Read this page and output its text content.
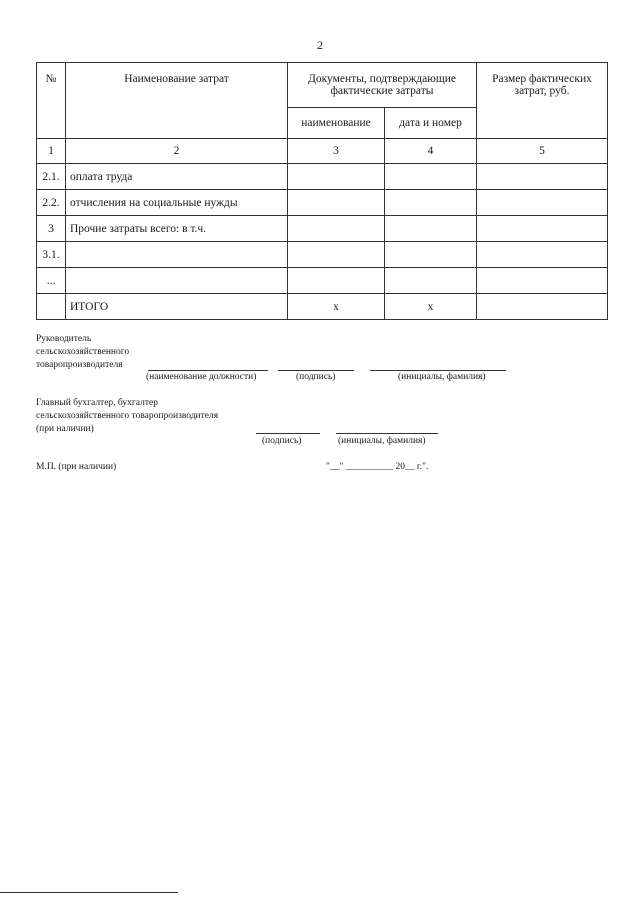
2
№	Наименование затрат	Документы, подтверждающие фактические затраты		Размер фактических затрат, руб.
		наименование	дата и номер	
1	2	3	4	5
2.1.	оплата труда			
2.2.	отчисления на социальные нужды			
3	Прочие затраты всего: в т.ч.			
3.1.				
...				
	ИТОГО	x	x	
Руководитель
сельскохозяйственного
товаропроизводителя
(наименование должности)	(подпись)	(инициалы, фамилия)
Главный бухгалтер, бухгалтер
сельскохозяйственного товаропроизводителя
(при наличии)
(подпись)	(инициалы, фамилия)
М.П. (при наличии)	"__" __________ 20__ г.".
